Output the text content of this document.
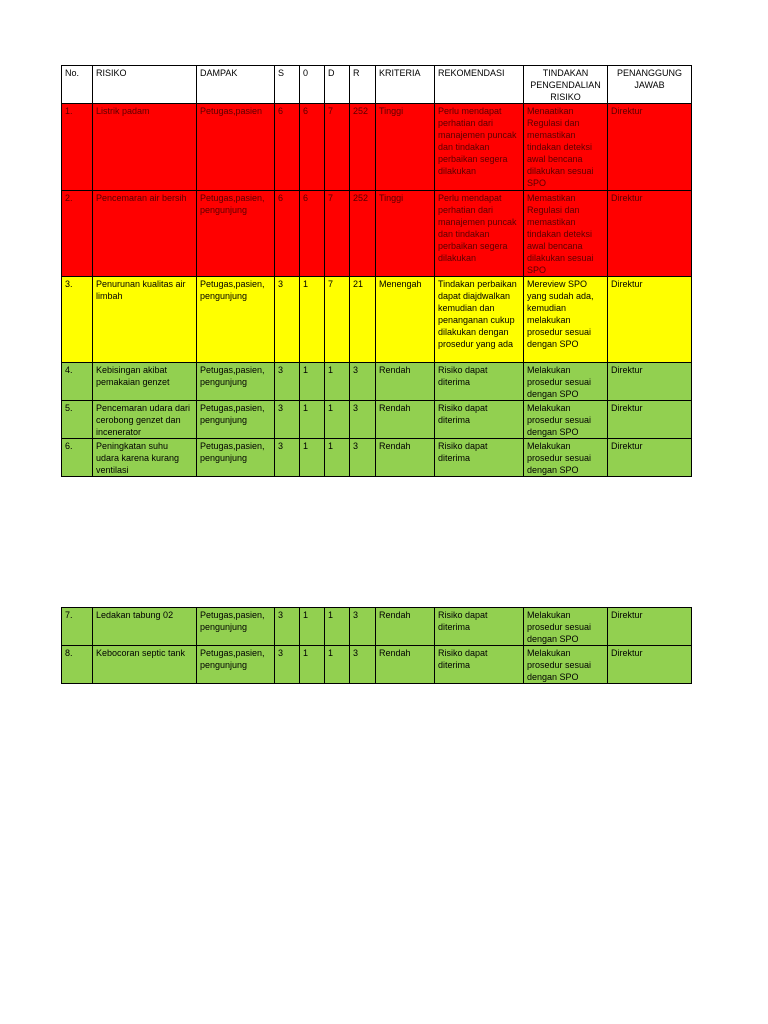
No.	RISIKO	DAMPAK	S	0	D	R	KRITERIA	REKOMENDASI	TINDAKAN PENGENDALIAN RISIKO	PENANGGUNG JAWAB
1.	Listrik padam	Petugas,pasien	6	6	7	252	Tinggi	Perlu mendapat perhatian dari manajemen puncak dan tindakan perbaikan segera dilakukan	Menaatikan Regulasi dan memastikan tindakan deteksi awal bencana dilakukan sesuai SPO	Direktur
2.	Pencemaran air bersih	Petugas,pasien, pengunjung	6	6	7	252	Tinggi	Perlu mendapat perhatian dari manajemen puncak dan tindakan perbaikan segera dilakukan	Memastikan Regulasi dan memastikan tindakan deteksi awal bencana dilakukan sesuai SPO	Direktur
3.	Penurunan kualitas air limbah	Petugas,pasien, pengunjung	3	1	7	21	Menengah	Tindakan perbaikan dapat diajdwalkan kemudian dan penanganan cukup dilakukan dengan prosedur yang ada	Mereview SPO yang sudah ada, kemudian melakukan prosedur sesuai dengan SPO	Direktur
4.	Kebisingan akibat pemakaian genzet	Petugas,pasien, pengunjung	3	1	1	3	Rendah	Risiko dapat diterima	Melakukan prosedur sesuai dengan SPO	Direktur
5.	Pencemaran udara dari cerobong genzet dan incenerator	Petugas,pasien, pengunjung	3	1	1	3	Rendah	Risiko dapat diterima	Melakukan prosedur sesuai dengan SPO	Direktur
6.	Peningkatan suhu udara karena kurang ventilasi	Petugas,pasien, pengunjung	3	1	1	3	Rendah	Risiko dapat diterima	Melakukan prosedur sesuai dengan SPO	Direktur
7.	Ledakan tabung 02	Petugas,pasien, pengunjung	3	1	1	3	Rendah	Risiko dapat diterima	Melakukan prosedur sesuai dengan SPO	Direktur
8.	Kebocoran septic tank	Petugas,pasien, pengunjung	3	1	1	3	Rendah	Risiko dapat diterima	Melakukan prosedur sesuai dengan SPO	Direktur
